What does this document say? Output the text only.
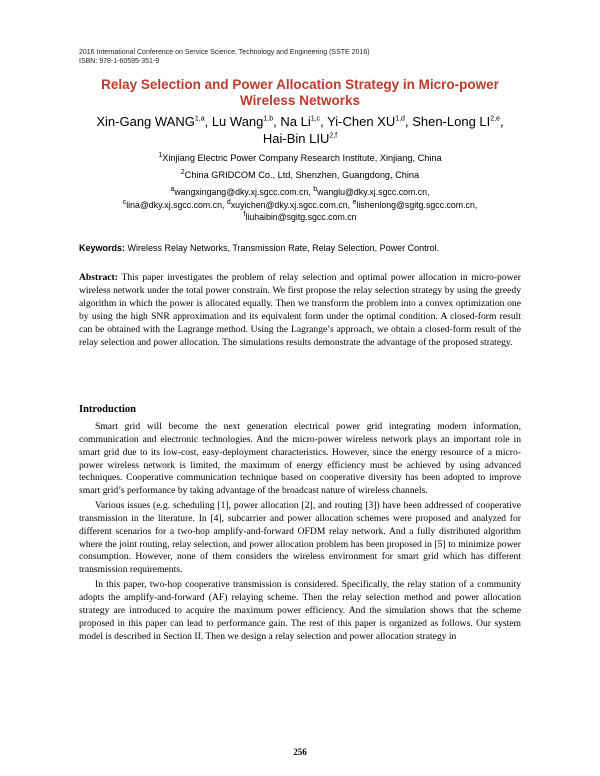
2016 International Conference on Service Science, Technology and Engineering (SSTE 2016)
ISBN: 978-1-60595-351-9
Relay Selection and Power Allocation Strategy in Micro-power Wireless Networks
Xin-Gang WANG$^{1,a}$, Lu Wang$^{1,b}$, Na Li$^{1,c}$, Yi-Chen XU$^{1,d}$, Shen-Long LI$^{2,e}$,
Hai-Bin LIU$^{2,f}$
$^1$Xinjiang Electric Power Company Research Institute, Xinjiang, China
$^2$China GRIDCOM Co., Ltd, Shenzhen, Guangdong, China
$^a$wangxingang@dky.xj.sgcc.com.cn, $^b$wanglu@dky.xj.sgcc.com.cn,
$^c$lina@dky.xj.sgcc.com.cn, $^d$xuyichen@dky.xj.sgcc.com.cn, $^e$lishenlong@sgitg.sgcc.com.cn,
$^f$liuhaibin@sgitg.sgcc.com.cn
Keywords: Wireless Relay Networks, Transmission Rate, Relay Selection, Power Control.
Abstract: This paper investigates the problem of relay selection and optimal power allocation in micro-power wireless network under the total power constrain. We first propose the relay selection strategy by using the greedy algorithm in which the power is allocated equally. Then we transform the problem into a convex optimization one by using the high SNR approximation and its equivalent form under the optimal condition. A closed-form result can be obtained with the Lagrange method. Using the Lagrange’s approach, we obtain a closed-form result of the relay selection and power allocation. The simulations results demonstrate the advantage of the proposed strategy.
Introduction

Smart grid will become the next generation electrical power grid integrating modern information, communication and electronic technologies. And the micro-power wireless network plays an important role in smart grid due to its low-cost, easy-deployment characteristics. However, since the energy resource of a micro-power wireless network is limited, the maximum of energy efficiency must be achieved by using advanced techniques. Cooperative communication technique based on cooperative diversity has been adopted to improve smart grid’s performance by taking advantage of the broadcast nature of wireless channels.

Various issues (e.g. scheduling [1], power allocation [2], and routing [3]) have been addressed of cooperative transmission in the literature. In [4], subcarrier and power allocation schemes were proposed and analyzed for different scenarios for a two-hop amplify-and-forward OFDM relay network. And a fully distributed algorithm where the joint routing, relay selection, and power allocation problem has been proposed in [5] to minimize power consumption. However, none of them considers the wireless environment for smart grid which has different transmission requirements.

In this paper, two-hop cooperative transmission is considered. Specifically, the relay station of a community adopts the amplify-and-forward (AF) relaying scheme. Then the relay selection method and power allocation strategy are introduced to acquire the maximum power efficiency. And the simulation shows that the scheme proposed in this paper can lead to performance gain. The rest of this paper is organized as follows. Our system model is described in Section II. Then we design a relay selection and power allocation strategy in

256
